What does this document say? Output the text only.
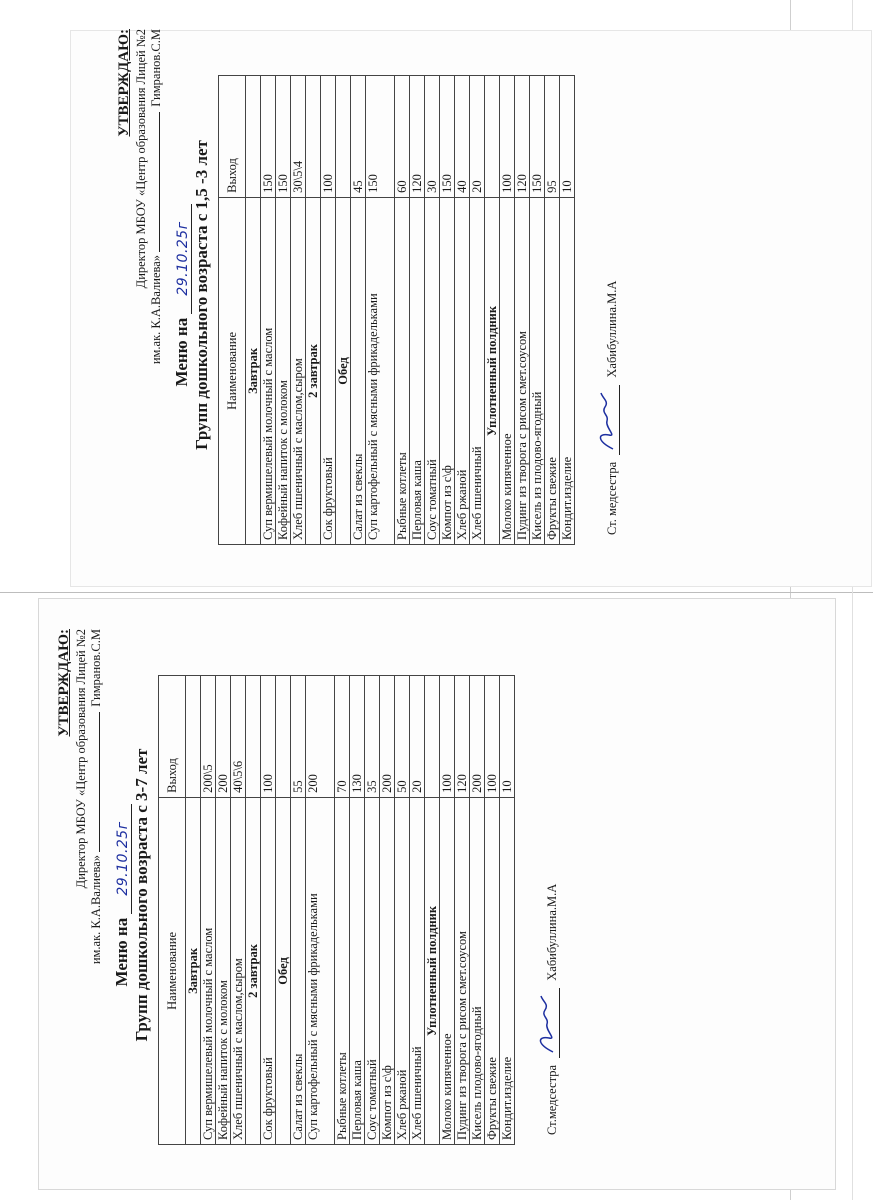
УТВЕРЖДАЮ: Директор МБОУ «Центр образования Лицей №2
им.ак. К.А.Валиева»  Гимранов.С.М
Меню на 29.10.25г Групп дошкольного возраста с 1,5 -3 лет Наименование	Выход
Завтрак	
Суп вермишелевый молочный с маслом	150
Кофейный напиток с молоком	150
Хлеб пшеничный с маслом,сыром	30\5\4
2 завтрак	
Сок фруктовый	100
Обед	
Салат из свеклы	45
Суп картофельный с мясными фрикадельками	150
Рыбные котлеты	60
Перловая каша	120
Соус томатный	30
Компот из с\ф	150
Хлеб ржаной	40
Хлеб пшеничный	20
Уплотненный полдник	
Молоко кипяченное	100
Пудинг из творога с рисом смет.соусом	120
Кисель из плодово-ягодный	150
Фрукты свежие	95
Кондит.изделие	10
Ст. медсестра
Хабибуллина.М.А
УТВЕРЖДАЮ: Директор МБОУ «Центр образования Лицей №2
им.ак. К.А.Валиева»  Гимранов.С.М
Меню на 29.10.25г Групп дошкольного возраста с 3-7 лет Наименование	Выход
Завтрак	
Суп вермишелевый молочный с маслом	200\5
Кофейный напиток с молоком	200
Хлеб пшеничный с маслом,сыром	40\5\6
2 завтрак	
Сок фруктовый	100
Обед	
Салат из свеклы	55
Суп картофельный с мясными фрикадельками	200
Рыбные котлеты	70
Перловая каша	130
Соус томатный	35
Компот из с\ф	200
Хлеб ржаной	50
Хлеб пшеничный	20
Уплотненный полдник	
Молоко кипяченное	100
Пудинг из творога с рисом смет.соусом	120
Кисель плодово-ягодный	200
Фрукты свежие	100
Кондит.изделие	10
Ст.медсестра
Хабибуллина.М.А
